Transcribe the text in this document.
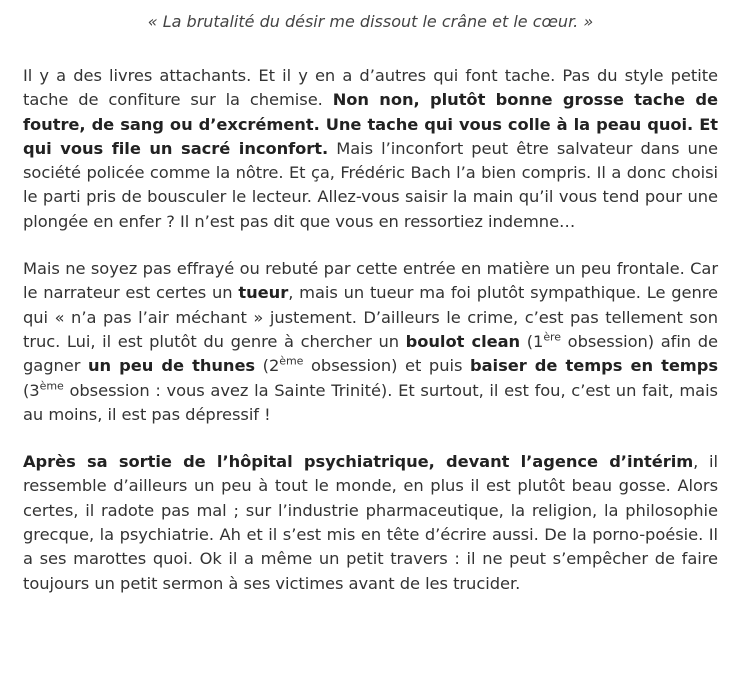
« La brutalité du désir me dissout le crâne et le cœur. »

Il y a des livres attachants. Et il y en a d’autres qui font tache. Pas du style petite tache de confiture sur la chemise. Non non, plutôt bonne grosse tache de foutre, de sang ou d’excrément. Une tache qui vous colle à la peau quoi. Et qui vous file un sacré inconfort. Mais l’inconfort peut être salvateur dans une société policée comme la nôtre. Et ça, Frédéric Bach l’a bien compris. Il a donc choisi le parti pris de bousculer le lecteur. Allez-vous saisir la main qu’il vous tend pour une plongée en enfer ? Il n’est pas dit que vous en ressortiez indemne…

Mais ne soyez pas effrayé ou rebuté par cette entrée en matière un peu frontale. Car le narrateur est certes un tueur, mais un tueur ma foi plutôt sympathique. Le genre qui « n’a pas l’air méchant » justement. D’ailleurs le crime, c’est pas tellement son truc. Lui, il est plutôt du genre à chercher un boulot clean (1ère obsession) afin de gagner un peu de thunes (2ème obsession) et puis baiser de temps en temps (3ème obsession : vous avez la Sainte Trinité). Et surtout, il est fou, c’est un fait, mais au moins, il est pas dépressif !

Après sa sortie de l’hôpital psychiatrique, devant l’agence d’intérim, il ressemble d’ailleurs un peu à tout le monde, en plus il est plutôt beau gosse. Alors certes, il radote pas mal ; sur l’industrie pharmaceutique, la religion, la philosophie grecque, la psychiatrie. Ah et il s’est mis en tête d’écrire aussi. De la porno-poésie. Il a ses marottes quoi. Ok il a même un petit travers : il ne peut s’empêcher de faire toujours un petit sermon à ses victimes avant de les trucider.
